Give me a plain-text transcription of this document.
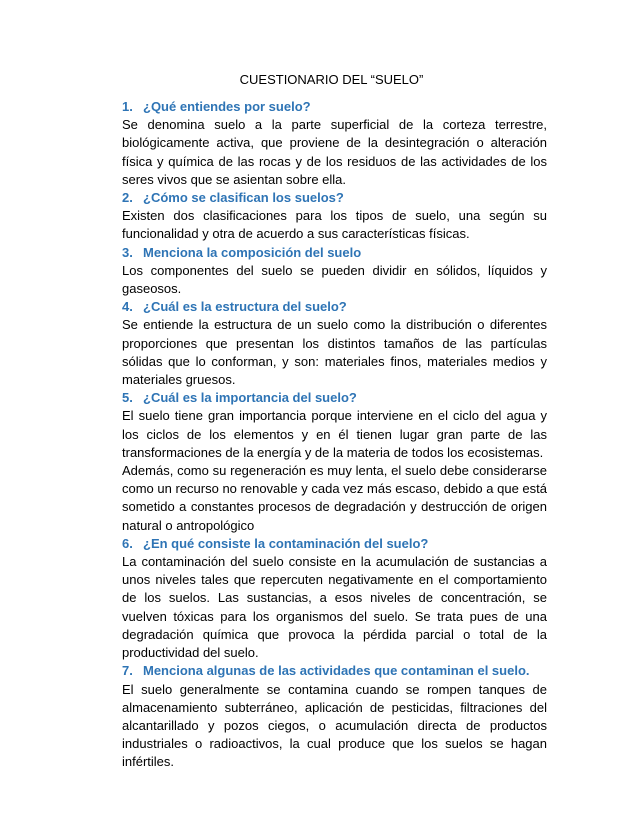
CUESTIONARIO DEL “SUELO”

1. ¿Qué entiendes por suelo?

Se denomina suelo a la parte superficial de la corteza terrestre, biológicamente activa, que proviene de la desintegración o alteración física y química de las rocas y de los residuos de las actividades de los seres vivos que se asientan sobre ella.

2. ¿Cómo se clasifican los suelos?

Existen dos clasificaciones para los tipos de suelo, una según su funcionalidad y otra de acuerdo a sus características físicas.

3. Menciona la composición del suelo

Los componentes del suelo se pueden dividir en sólidos, líquidos y gaseosos.

4. ¿Cuál es la estructura del suelo?

Se entiende la estructura de un suelo como la distribución o diferentes proporciones que presentan los distintos tamaños de las partículas sólidas que lo conforman, y son: materiales finos, materiales medios y materiales gruesos.

5. ¿Cuál es la importancia del suelo?

El suelo tiene gran importancia porque interviene en el ciclo del agua y los ciclos de los elementos y en él tienen lugar gran parte de las transformaciones de la energía y de la materia de todos los ecosistemas.

Además, como su regeneración es muy lenta, el suelo debe considerarse como un recurso no renovable y cada vez más escaso, debido a que está sometido a constantes procesos de degradación y destrucción de origen natural o antropológico

6. ¿En qué consiste la contaminación del suelo?

La contaminación del suelo consiste en la acumulación de sustancias a unos niveles tales que repercuten negativamente en el comportamiento de los suelos. Las sustancias, a esos niveles de concentración, se vuelven tóxicas para los organismos del suelo. Se trata pues de una degradación química que provoca la pérdida parcial o total de la productividad del suelo.

7. Menciona algunas de las actividades que contaminan el suelo.

El suelo generalmente se contamina cuando se rompen tanques de almacenamiento subterráneo, aplicación de pesticidas, filtraciones del alcantarillado y pozos ciegos, o acumulación directa de productos industriales o radioactivos, la cual produce que los suelos se hagan infértiles.
